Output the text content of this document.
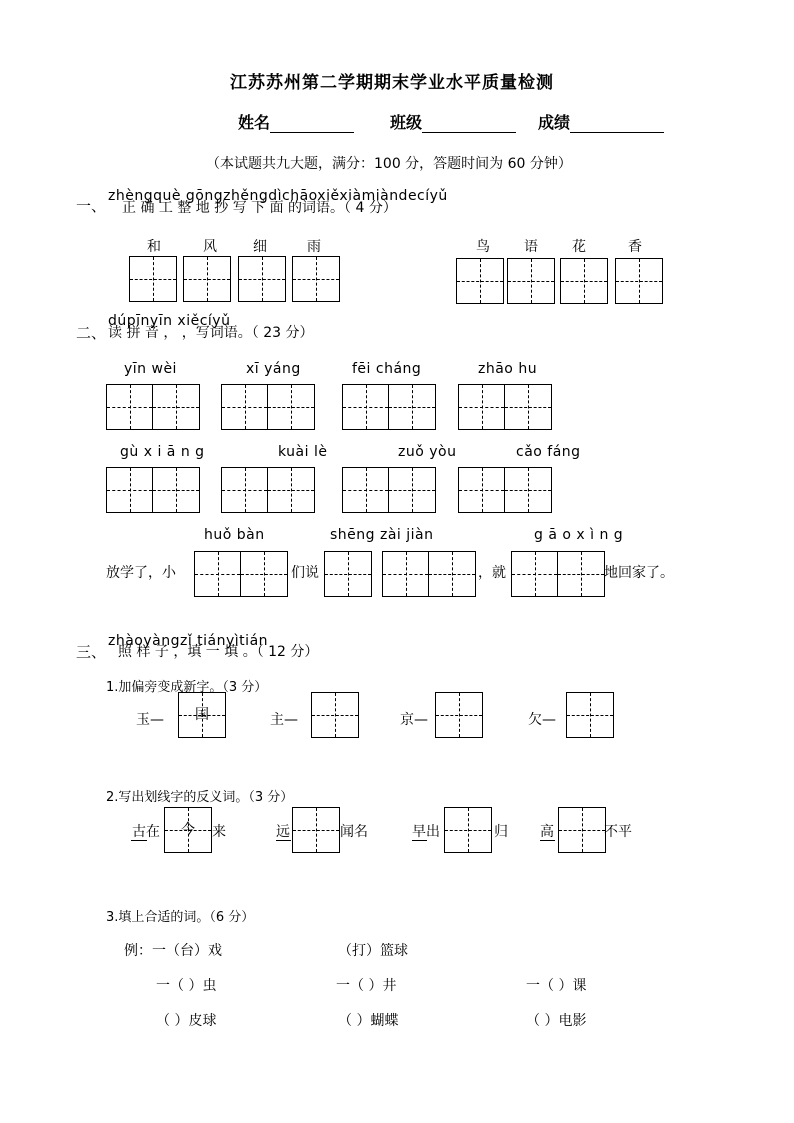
江苏苏州第二学期期末学业水平质量检测
姓名	班级	成绩
（本试题共九大题，满分：100 分，答题时间为 60 分钟）
一、
zhèngquè gōngzhěngdìchāoxiěxiàmiàndecíyǔ
正 确 工 整 地 抄 写 下 面 的词语。（ 4 分）
和	风	细	雨	鸟 语 花	香
二、
dúpīnyīn xiěcíyǔ
读 拼 音 ， ，写词语。（ 23 分）
yīn wèi	xī yáng	fēi cháng	zhāo hu
gù x i ā n g	kuài lè	zuǒ yòu	cǎo fáng
huǒ bàn	shēng zài jiàn	g ā o x ì n g
放学了，小	们说	，就	地回家了。
三、
zhàoyàngzǐ tiányìtián
照 样 子 ，填 一 填 。（ 12 分）
1.加偏旁变成新字。（3 分）
玉—	国	主—	京—	欠—
2.写出划线字的反义词。（3 分）
古在	今	来	远	闻名	早出	归 高	不平
3.填上合适的词。（6 分）
例：一（台）戏	（打）篮球
一（ ）虫	一（ ）井	一（ ）课
（ ）皮球	（ ）蝴蝶	（ ）电影
